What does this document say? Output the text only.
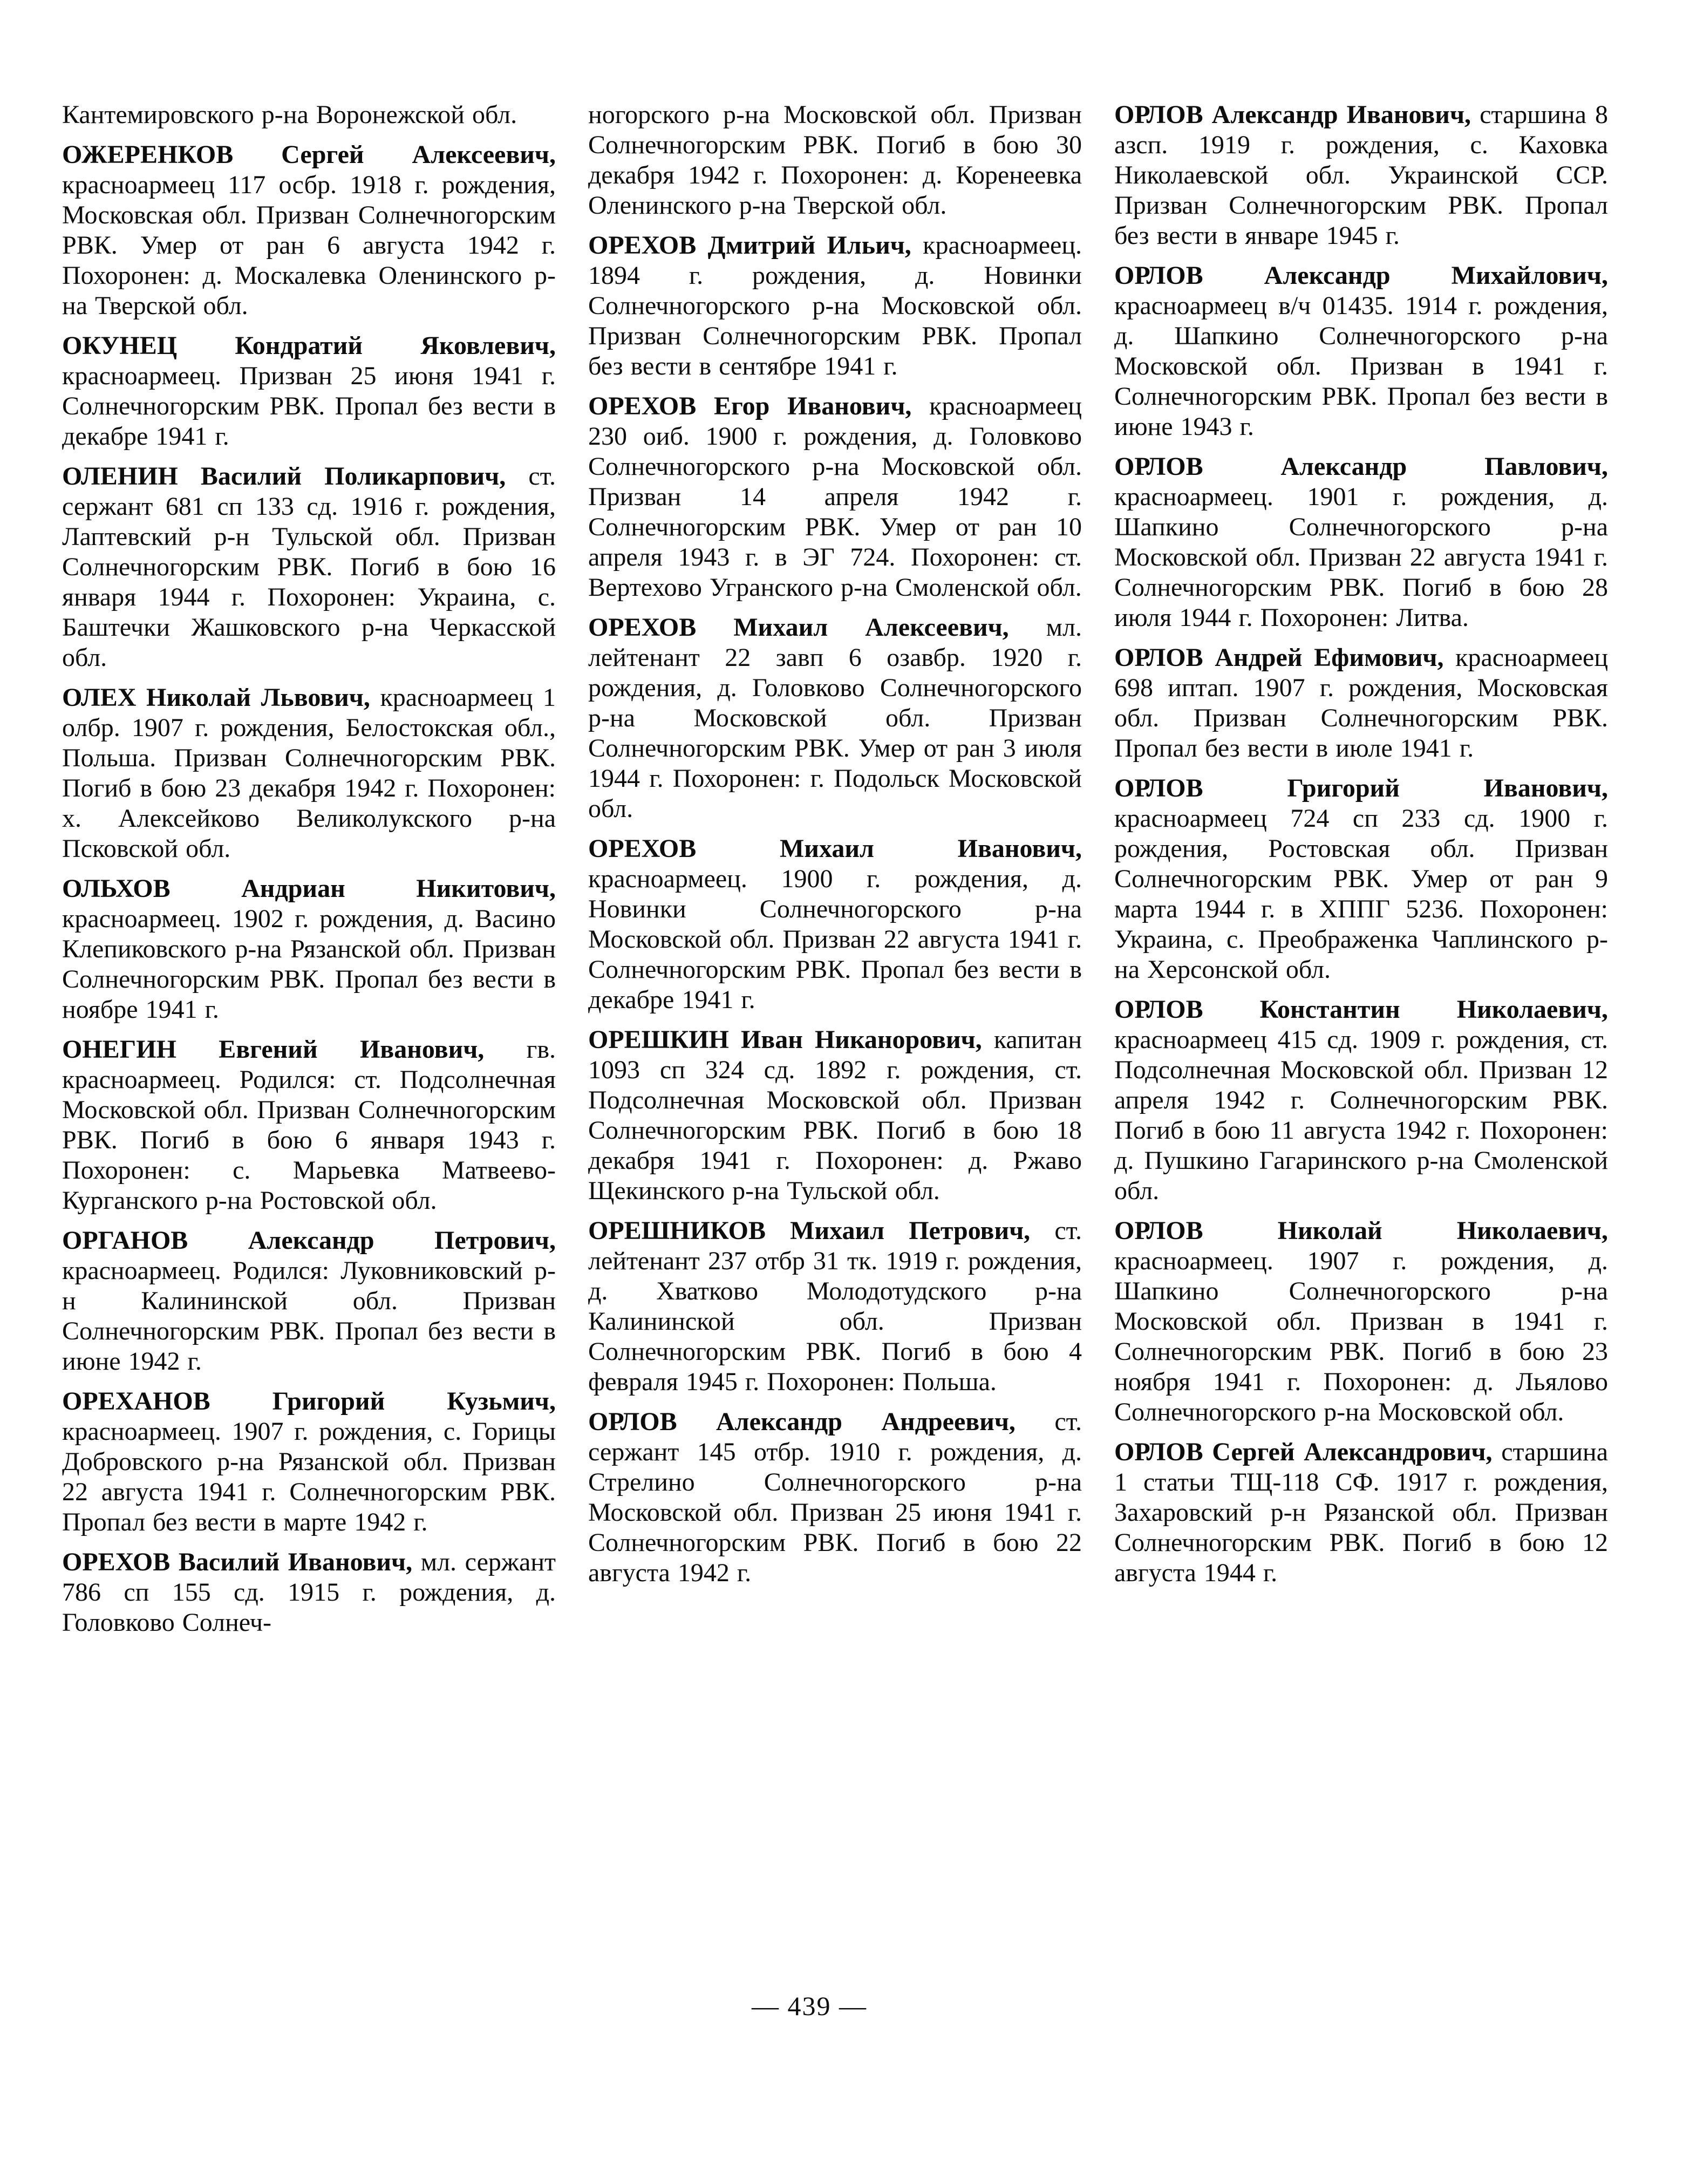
Кантемировского р-на Воронежской обл.

ОЖЕРЕНКОВ Сергей Алексеевич, красноармеец 117 осбр. 1918 г. рождения, Московская обл. Призван Солнечногорским РВК. Умер от ран 6 августа 1942 г. Похоронен: д. Москалевка Оленинского р-на Тверской обл.

ОКУНЕЦ Кондратий Яковлевич, красноармеец. Призван 25 июня 1941 г. Солнечногорским РВК. Пропал без вести в декабре 1941 г.

ОЛЕНИН Василий Поликарпович, ст. сержант 681 сп 133 сд. 1916 г. рождения, Лаптевский р-н Тульской обл. Призван Солнечногорским РВК. Погиб в бою 16 января 1944 г. Похоронен: Украина, с. Баштечки Жашковского р-на Черкасской обл.

ОЛЕХ Николай Львович, красноармеец 1 олбр. 1907 г. рождения, Белостокская обл., Польша. Призван Солнечногорским РВК. Погиб в бою 23 декабря 1942 г. Похоронен: х. Алексейково Великолукского р-на Псковской обл.

ОЛЬХОВ Андриан Никитович, красноармеец. 1902 г. рождения, д. Васино Клепиковского р-на Рязанской обл. Призван Солнечногорским РВК. Пропал без вести в ноябре 1941 г.

ОНЕГИН Евгений Иванович, гв. красноармеец. Родился: ст. Подсолнечная Московской обл. Призван Солнечногорским РВК. Погиб в бою 6 января 1943 г. Похоронен: с. Марьевка Матвеево-Курганского р-на Ростовской обл.

ОРГАНОВ Александр Петрович, красноармеец. Родился: Луковниковский р-н Калининской обл. Призван Солнечногорским РВК. Пропал без вести в июне 1942 г.

ОРЕХАНОВ Григорий Кузьмич, красноармеец. 1907 г. рождения, с. Горицы Добровского р-на Рязанской обл. Призван 22 августа 1941 г. Солнечногорским РВК. Пропал без вести в марте 1942 г.

ОРЕХОВ Василий Иванович, мл. сержант 786 сп 155 сд. 1915 г. рождения, д. Головково Солнеч-

ногорского р-на Московской обл. Призван Солнечногорским РВК. Погиб в бою 30 декабря 1942 г. Похоронен: д. Коренеевка Оленинского р-на Тверской обл.

ОРЕХОВ Дмитрий Ильич, красноармеец. 1894 г. рождения, д. Новинки Солнечногорского р-на Московской обл. Призван Солнечногорским РВК. Пропал без вести в сентябре 1941 г.

ОРЕХОВ Егор Иванович, красноармеец 230 оиб. 1900 г. рождения, д. Головково Солнечногорского р-на Московской обл. Призван 14 апреля 1942 г. Солнечногорским РВК. Умер от ран 10 апреля 1943 г. в ЭГ 724. Похоронен: ст. Вертехово Угранского р-на Смоленской обл.

ОРЕХОВ Михаил Алексеевич, мл. лейтенант 22 завп 6 озавбр. 1920 г. рождения, д. Головково Солнечногорского р-на Московской обл. Призван Солнечногорским РВК. Умер от ран 3 июля 1944 г. Похоронен: г. Подольск Московской обл.

ОРЕХОВ Михаил Иванович, красноармеец. 1900 г. рождения, д. Новинки Солнечногорского р-на Московской обл. Призван 22 августа 1941 г. Солнечногорским РВК. Пропал без вести в декабре 1941 г.

ОРЕШКИН Иван Никанорович, капитан 1093 сп 324 сд. 1892 г. рождения, ст. Подсолнечная Московской обл. Призван Солнечногорским РВК. Погиб в бою 18 декабря 1941 г. Похоронен: д. Ржаво Щекинского р-на Тульской обл.

ОРЕШНИКОВ Михаил Петрович, ст. лейтенант 237 отбр 31 тк. 1919 г. рождения, д. Хватково Молодотудского р-на Калининской обл. Призван Солнечногорским РВК. Погиб в бою 4 февраля 1945 г. Похоронен: Польша.

ОРЛОВ Александр Андреевич, ст. сержант 145 отбр. 1910 г. рождения, д. Стрелино Солнечногорского р-на Московской обл. Призван 25 июня 1941 г. Солнечногорским РВК. Погиб в бою 22 августа 1942 г.

ОРЛОВ Александр Иванович, старшина 8 азсп. 1919 г. рождения, с. Каховка Николаевской обл. Украинской ССР. Призван Солнечногорским РВК. Пропал без вести в январе 1945 г.

ОРЛОВ Александр Михайлович, красноармеец в/ч 01435. 1914 г. рождения, д. Шапкино Солнечногорского р-на Московской обл. Призван в 1941 г. Солнечногорским РВК. Пропал без вести в июне 1943 г.

ОРЛОВ Александр Павлович, красноармеец. 1901 г. рождения, д. Шапкино Солнечногорского р-на Московской обл. Призван 22 августа 1941 г. Солнечногорским РВК. Погиб в бою 28 июля 1944 г. Похоронен: Литва.

ОРЛОВ Андрей Ефимович, красноармеец 698 иптап. 1907 г. рождения, Московская обл. Призван Солнечногорским РВК. Пропал без вести в июле 1941 г.

ОРЛОВ Григорий Иванович, красноармеец 724 сп 233 сд. 1900 г. рождения, Ростовская обл. Призван Солнечногорским РВК. Умер от ран 9 марта 1944 г. в ХППГ 5236. Похоронен: Украина, с. Преображенка Чаплинского р-на Херсонской обл.

ОРЛОВ Константин Николаевич, красноармеец 415 сд. 1909 г. рождения, ст. Подсолнечная Московской обл. Призван 12 апреля 1942 г. Солнечногорским РВК. Погиб в бою 11 августа 1942 г. Похоронен: д. Пушкино Гагаринского р-на Смоленской обл.

ОРЛОВ Николай Николаевич, красноармеец. 1907 г. рождения, д. Шапкино Солнечногорского р-на Московской обл. Призван в 1941 г. Солнечногорским РВК. Погиб в бою 23 ноября 1941 г. Похоронен: д. Льялово Солнечногорского р-на Московской обл.

ОРЛОВ Сергей Александрович, старшина 1 статьи ТЩ-118 СФ. 1917 г. рождения, Захаровский р-н Рязанской обл. Призван Солнечногорским РВК. Погиб в бою 12 августа 1944 г.

— 439 —
